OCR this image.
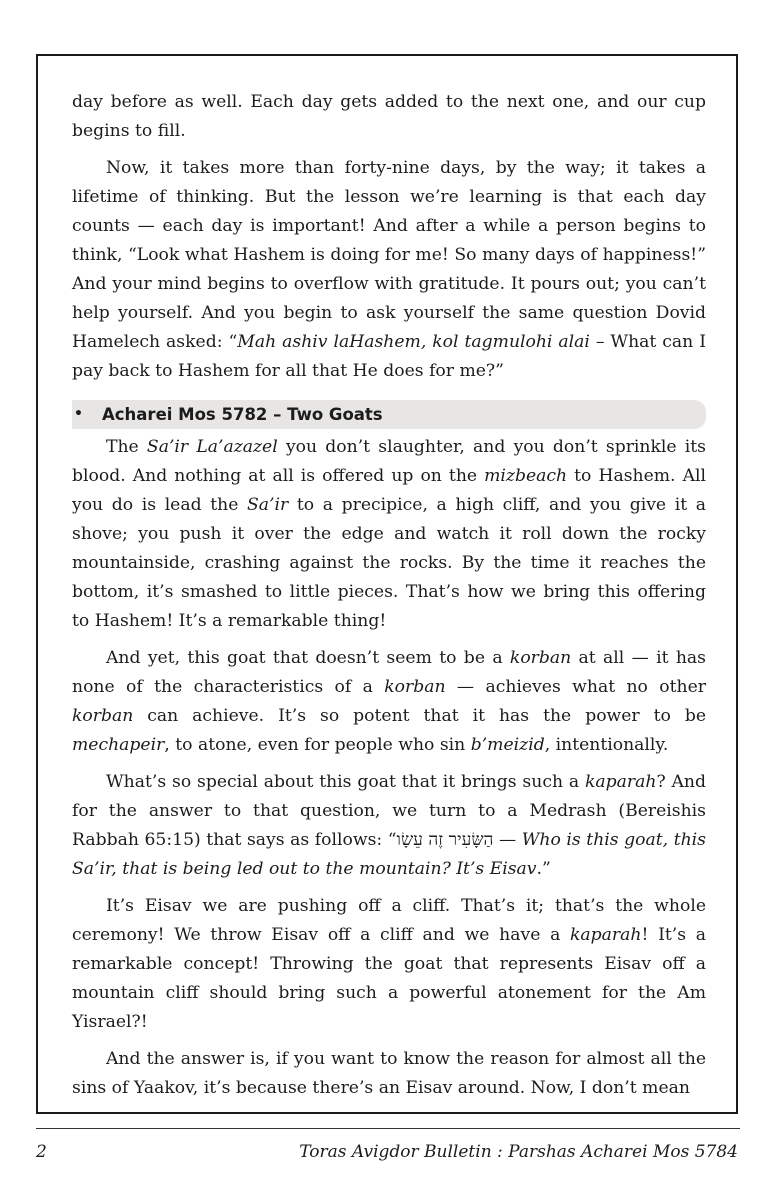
day before as well. Each day gets added to the next one, and our cup begins to fill.

Now, it takes more than forty-nine days, by the way; it takes a lifetime of thinking. But the lesson we’re learning is that each day counts — each day is important! And after a while a person begins to think, “Look what Hashem is doing for me! So many days of happiness!” And your mind begins to overflow with gratitude. It pours out; you can’t help yourself. And you begin to ask yourself the same question Dovid Hamelech asked: “Mah ashiv laHashem, kol tagmulohi alai – What can I pay back to Hashem for all that He does for me?”

•	Acharei Mos 5782 – Two Goats

The Sa’ir La’azazel you don’t slaughter, and you don’t sprinkle its blood. And nothing at all is offered up on the mizbeach to Hashem. All you do is lead the Sa’ir to a precipice, a high cliff, and you give it a shove; you push it over the edge and watch it roll down the rocky mountainside, crashing against the rocks. By the time it reaches the bottom, it’s smashed to little pieces. That’s how we bring this offering to Hashem! It’s a remarkable thing!

And yet, this goat that doesn’t seem to be a korban at all — it has none of the characteristics of a korban — achieves what no other korban can achieve. It’s so potent that it has the power to be mechapeir, to atone, even for people who sin b’meizid, intentionally.

What’s so special about this goat that it brings such a kaparah? And for the answer to that question, we turn to a Medrash (Bereishis Rabbah 65:15) that says as follows: “הַשָּׂעִיר זֶה עֵשָׂו — Who is this goat, this Sa’ir, that is being led out to the mountain? It’s Eisav.”

It’s Eisav we are pushing off a cliff. That’s it; that’s the whole ceremony! We throw Eisav off a cliff and we have a kaparah! It’s a remarkable concept! Throwing the goat that represents Eisav off a mountain cliff should bring such a powerful atonement for the Am Yisrael?!

And the answer is, if you want to know the reason for almost all the sins of Yaakov, it’s because there’s an Eisav around. Now, I don’t mean

2	Toras Avigdor Bulletin : Parshas Acharei Mos 5784
